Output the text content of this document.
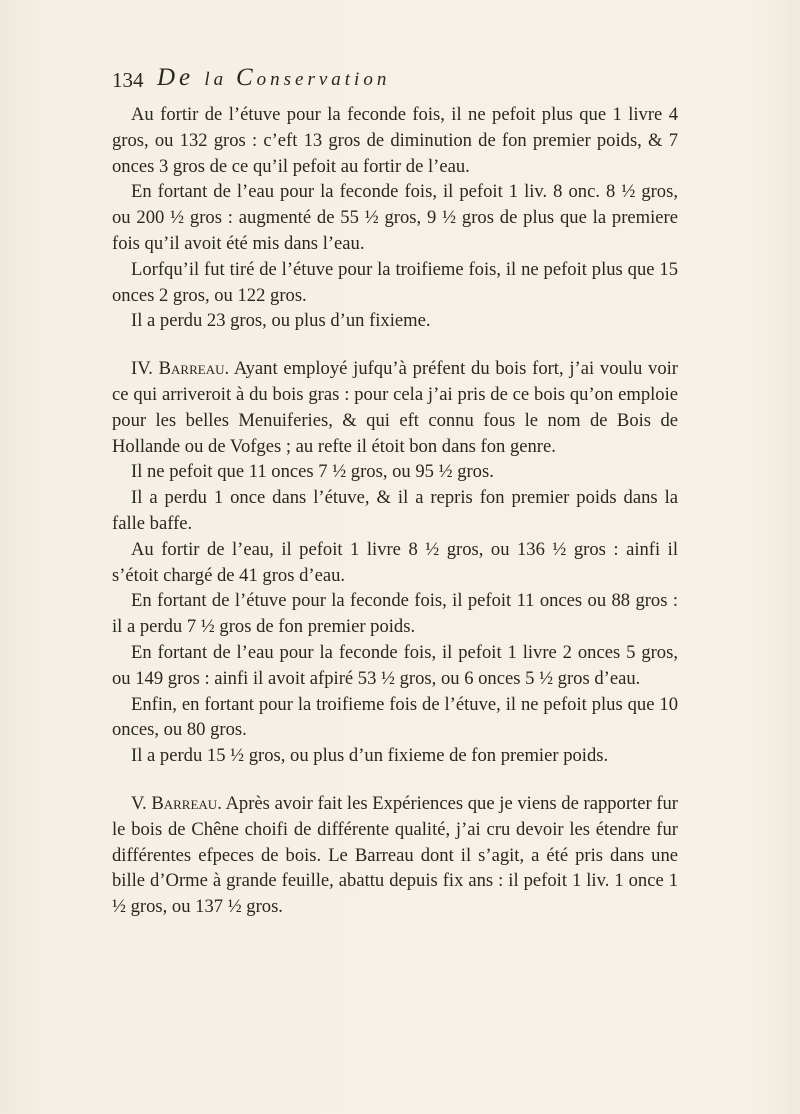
134 De la Conservation

Au fortir de l’étuve pour la feconde fois, il ne pefoit plus que 1 livre 4 gros, ou 132 gros : c’eft 13 gros de diminution de fon premier poids, & 7 onces 3 gros de ce qu’il pefoit au fortir de l’eau.

En fortant de l’eau pour la feconde fois, il pefoit 1 liv. 8 onc. 8 ½ gros, ou 200 ½ gros : augmenté de 55 ½ gros, 9 ½ gros de plus que la premiere fois qu’il avoit été mis dans l’eau.

Lorfqu’il fut tiré de l’étuve pour la troifieme fois, il ne pefoit plus que 15 onces 2 gros, ou 122 gros.

Il a perdu 23 gros, ou plus d’un fixieme.

IV. Barreau. Ayant employé jufqu’à préfent du bois fort, j’ai voulu voir ce qui arriveroit à du bois gras : pour cela j’ai pris de ce bois qu’on emploie pour les belles Menuiferies, & qui eft connu fous le nom de Bois de Hollande ou de Vofges ; au refte il étoit bon dans fon genre.

Il ne pefoit que 11 onces 7 ½ gros, ou 95 ½ gros.

Il a perdu 1 once dans l’étuve, & il a repris fon premier poids dans la falle baffe.

Au fortir de l’eau, il pefoit 1 livre 8 ½ gros, ou 136 ½ gros : ainfi il s’étoit chargé de 41 gros d’eau.

En fortant de l’étuve pour la feconde fois, il pefoit 11 onces ou 88 gros : il a perdu 7 ½ gros de fon premier poids.

En fortant de l’eau pour la feconde fois, il pefoit 1 livre 2 onces 5 gros, ou 149 gros : ainfi il avoit afpiré 53 ½ gros, ou 6 onces 5 ½ gros d’eau.

Enfin, en fortant pour la troifieme fois de l’étuve, il ne pefoit plus que 10 onces, ou 80 gros.

Il a perdu 15 ½ gros, ou plus d’un fixieme de fon premier poids.

V. Barreau. Après avoir fait les Expériences que je viens de rapporter fur le bois de Chêne choifi de différente qualité, j’ai cru devoir les étendre fur différentes efpeces de bois. Le Barreau dont il s’agit, a été pris dans une bille d’Orme à grande feuille, abattu depuis fix ans : il pefoit 1 liv. 1 once 1 ½ gros, ou 137 ½ gros.
